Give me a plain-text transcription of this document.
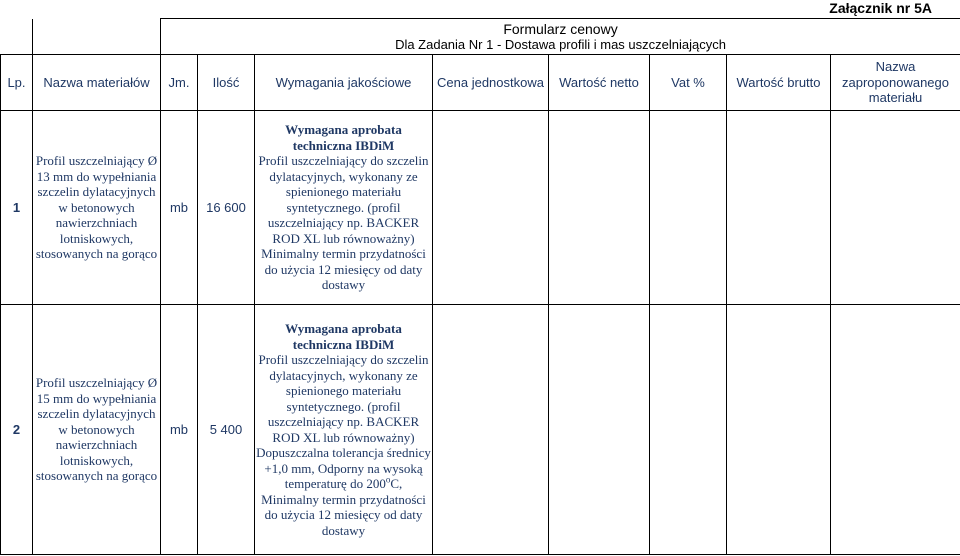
Załącznik nr 5A

		Formularz cenowy
Dla Zadania Nr 1 - Dostawa profili i mas uszczelniających							

Lp.	Nazwa materiałów	Jm.	Ilość	Wymagania jakościowe	Cena jednostkowa	Wartość netto	Vat %	Wartość brutto	Nazwa zaproponowanego materiału
1	Profil uszczelniający Ø 13 mm do wypełniania szczelin dylatacyjnych w betonowych nawierzchniach lotniskowych, stosowanych na gorąco	mb	16 600	Wymagana aprobata techniczna IBDiM
Profil uszczelniający do szczelin dylatacyjnych, wykonany ze spienionego materiału syntetycznego. (profil uszczelniający np. BACKER ROD XL lub równoważny) Minimalny termin przydatności do użycia 12 miesięcy od daty dostawy					

2	Profil uszczelniający Ø 15 mm do wypełniania szczelin dylatacyjnych w betonowych nawierzchniach lotniskowych, stosowanych na gorąco	mb	5 400	Wymagana aprobata techniczna IBDiM
Profil uszczelniający do szczelin dylatacyjnych, wykonany ze spienionego materiału syntetycznego. (profil uszczelniający np. BACKER ROD XL lub równoważny) Dopuszczalna tolerancja średnicy +1,0 mm, Odporny na wysoką temperaturę do 200$^o$C, Minimalny termin przydatności do użycia 12 miesięcy od daty dostawy					
